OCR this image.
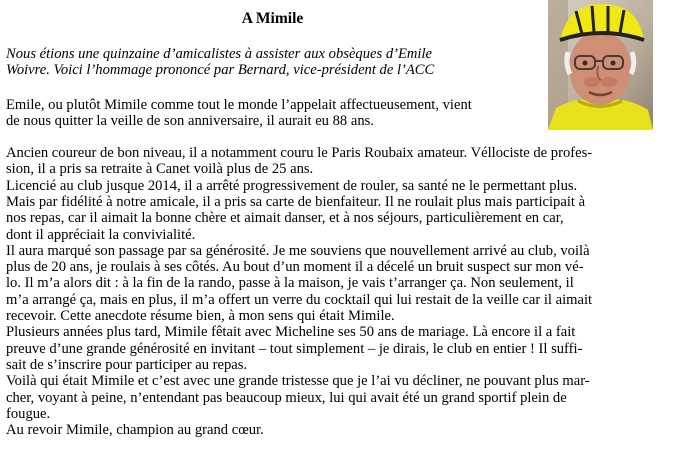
A Mimile

Nous étions une quinzaine d’amicalistes à assister aux obsèques d’Emile

Woivre. Voici l’hommage prononcé par Bernard, vice-président de l’ACC

Emile, ou plutôt Mimile comme tout le monde l’appelait affectueusement, vient

de nous quitter la veille de son anniversaire, il aurait eu 88 ans.

Ancien coureur de bon niveau, il a notamment couru le Paris Roubaix amateur. Véllociste de profes-

sion, il a pris sa retraite à Canet voilà plus de 25 ans.

Licencié au club jusque 2014, il a arrêté progressivement de rouler, sa santé ne le permettant plus.

Mais par fidélité à notre amicale, il a pris sa carte de bienfaiteur. Il ne roulait plus mais participait à

nos repas, car il aimait la bonne chère et aimait danser, et à nos séjours, particulièrement en car,

dont il appréciait la convivialité.

Il aura marqué son passage par sa générosité. Je me souviens que nouvellement arrivé au club, voilà

plus de 20 ans, je roulais à ses côtés. Au bout d’un moment il a décelé un bruit suspect sur mon vé-

lo. Il m’a alors dit : à la fin de la rando, passe à la maison, je vais t’arranger ça. Non seulement, il

m’a arrangé ça, mais en plus, il m’a offert un verre du cocktail qui lui restait de la veille car il aimait

recevoir. Cette anecdote résume bien, à mon sens qui était Mimile.

Plusieurs années plus tard, Mimile fêtait avec Micheline ses 50 ans de mariage. Là encore il a fait

preuve d’une grande générosité en invitant – tout simplement – je dirais, le club en entier ! Il suffi-

sait de s’inscrire pour participer au repas.

Voilà qui était Mimile et c’est avec une grande tristesse que je l’ai vu décliner, ne pouvant plus mar-

cher, voyant à peine, n’entendant pas beaucoup mieux, lui qui avait été un grand sportif plein de

fougue.

Au revoir Mimile, champion au grand cœur.
